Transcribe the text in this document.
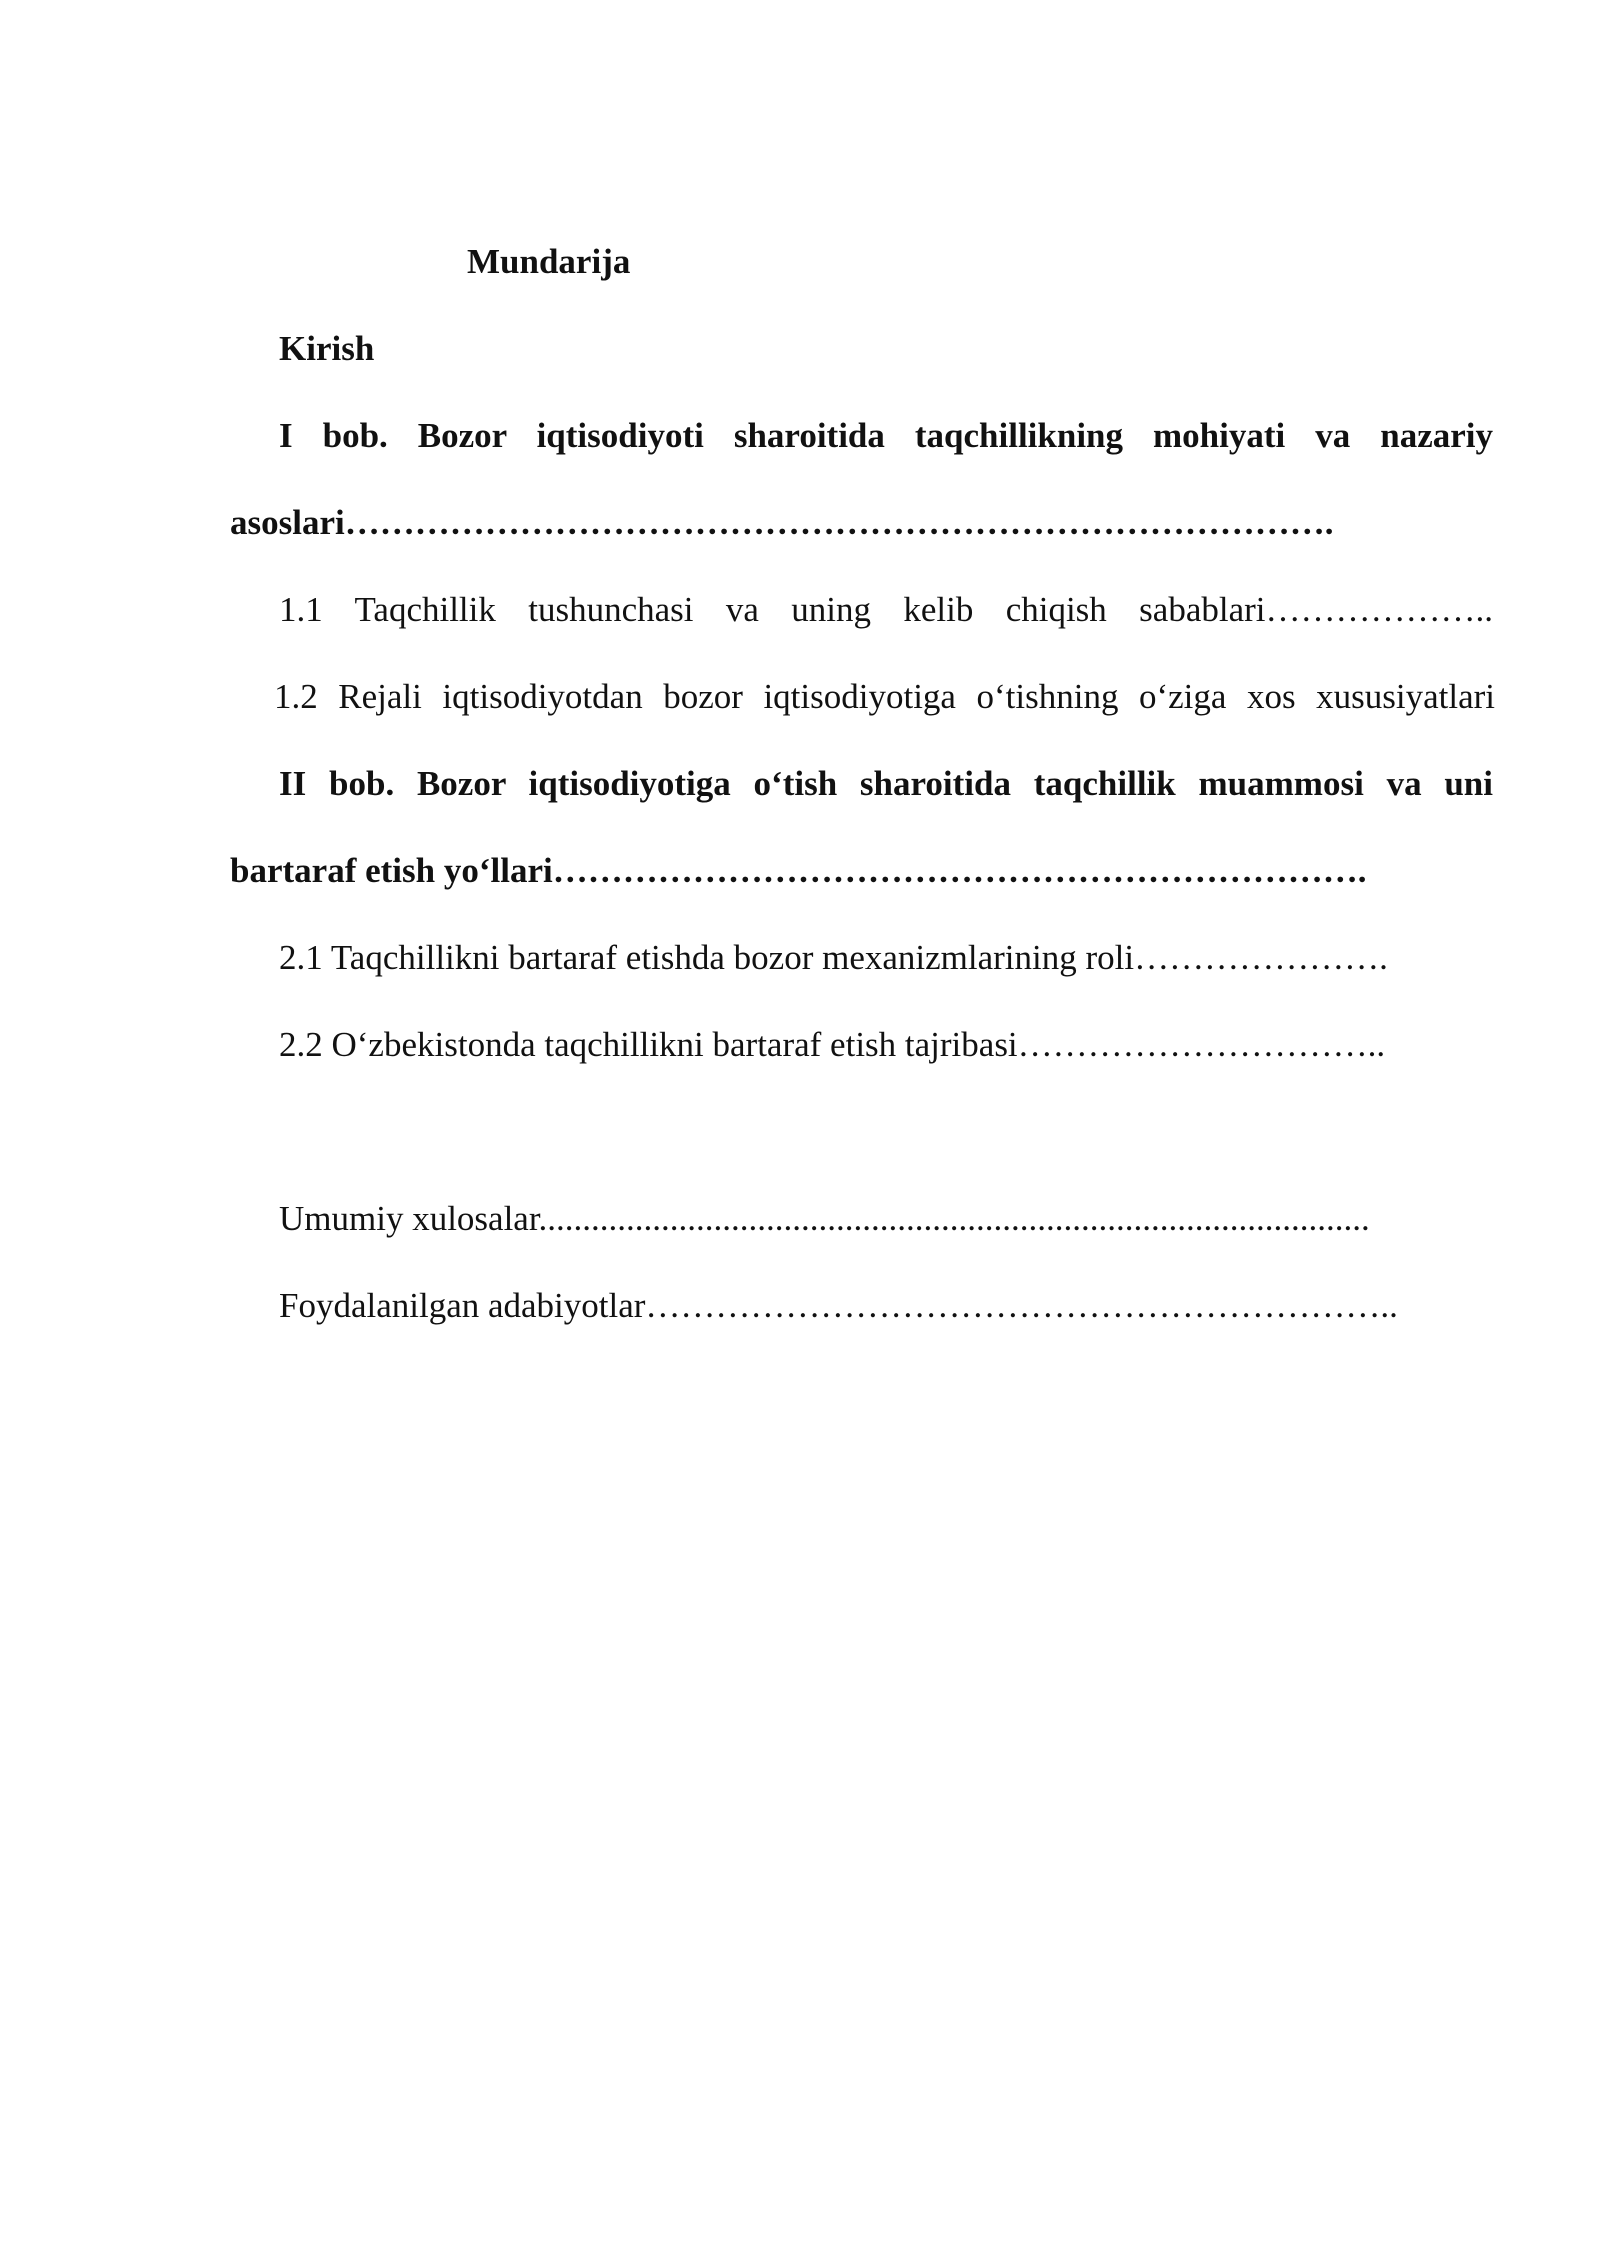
Mundarija
Kirish
I bob. Bozor iqtisodiyoti sharoitida taqchillikning mohiyati va nazariy
asoslari………………………………………………………………………….
1.1 Taqchillik tushunchasi va uning kelib chiqish sabablari………………..
1.2 Rejali iqtisodiyotdan bozor iqtisodiyotiga o‘tishning o‘ziga xos xususiyatlari
II bob. Bozor iqtisodiyotiga o‘tish sharoitida taqchillik muammosi va uni
bartaraf etish yo‘llari…………………………………………………………….
2.1 Taqchillikni bartaraf etishda bozor mexanizmlarining roli………………….
2.2 O‘zbekistonda taqchillikni bartaraf etish tajribasi…………………………..
Umumiy xulosalar...............................................................................................
Foydalanilgan adabiyotlar………………………………………………………..
